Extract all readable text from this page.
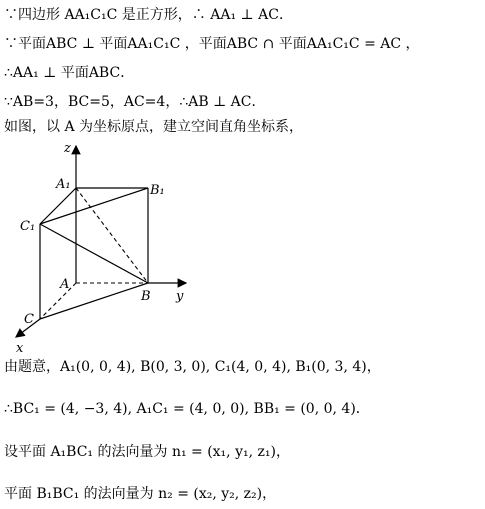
∵四边形 AA₁C₁C 是正方形，∴ AA₁ ⊥ AC．
∵平面ABC ⊥ 平面AA₁C₁C ，平面ABC ∩ 平面AA₁C₁C = AC ，
∴AA₁ ⊥ 平面ABC．
∵AB=3，BC=5，AC=4，∴AB ⊥ AC．
如图，以 A 为坐标原点，建立空间直角坐标系，
z
y
x
A₁	B₁
C₁
A
B
C
由题意，A₁(0, 0, 4), B(0, 3, 0), C₁(4, 0, 4), B₁(0, 3, 4)，
∴BC₁ = (4, −3, 4), A₁C₁ = (4, 0, 0), BB₁ = (0, 0, 4)．
设平面 A₁BC₁ 的法向量为 n₁ = (x₁, y₁, z₁)，
平面 B₁BC₁ 的法向量为 n₂ = (x₂, y₂, z₂)，
